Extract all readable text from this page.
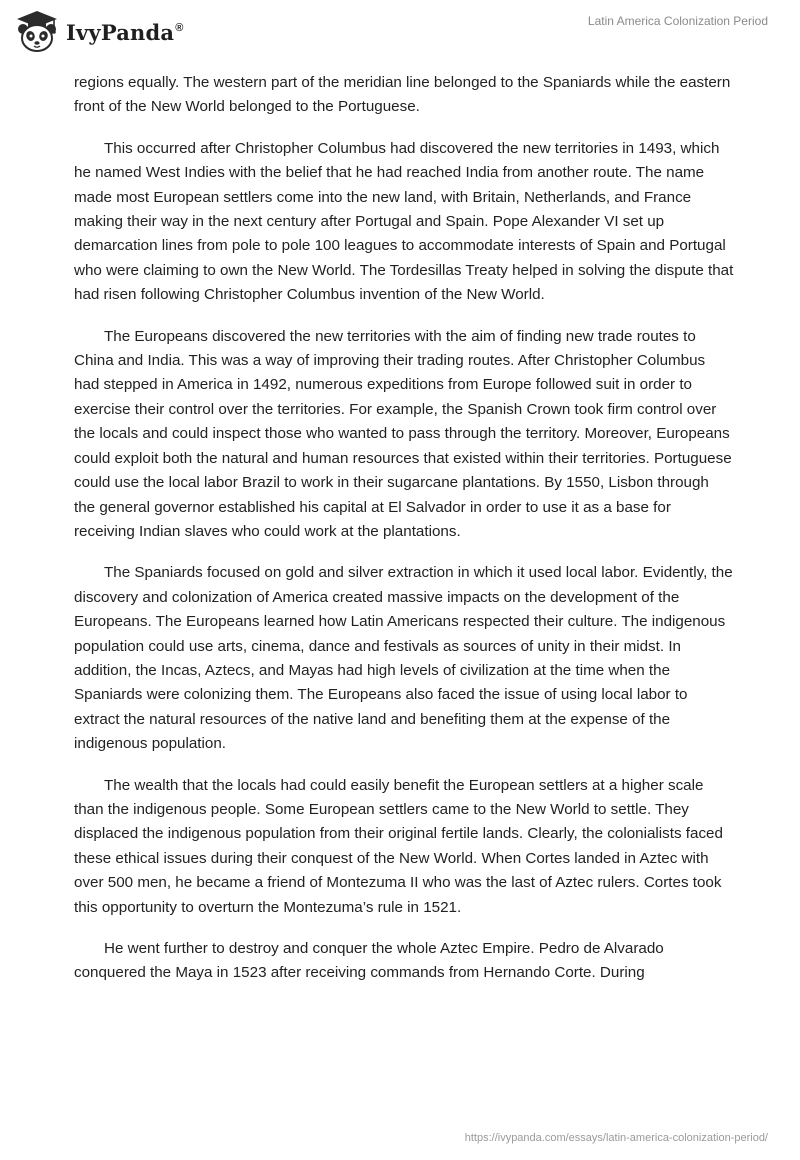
IvyPanda®	Latin America Colonization Period

regions equally. The western part of the meridian line belonged to the Spaniards while the eastern front of the New World belonged to the Portuguese.

This occurred after Christopher Columbus had discovered the new territories in 1493, which he named West Indies with the belief that he had reached India from another route. The name made most European settlers come into the new land, with Britain, Netherlands, and France making their way in the next century after Portugal and Spain. Pope Alexander VI set up demarcation lines from pole to pole 100 leagues to accommodate interests of Spain and Portugal who were claiming to own the New World. The Tordesillas Treaty helped in solving the dispute that had risen following Christopher Columbus invention of the New World.

The Europeans discovered the new territories with the aim of finding new trade routes to China and India. This was a way of improving their trading routes. After Christopher Columbus had stepped in America in 1492, numerous expeditions from Europe followed suit in order to exercise their control over the territories. For example, the Spanish Crown took firm control over the locals and could inspect those who wanted to pass through the territory. Moreover, Europeans could exploit both the natural and human resources that existed within their territories. Portuguese could use the local labor Brazil to work in their sugarcane plantations. By 1550, Lisbon through the general governor established his capital at El Salvador in order to use it as a base for receiving Indian slaves who could work at the plantations.

The Spaniards focused on gold and silver extraction in which it used local labor. Evidently, the discovery and colonization of America created massive impacts on the development of the Europeans. The Europeans learned how Latin Americans respected their culture. The indigenous population could use arts, cinema, dance and festivals as sources of unity in their midst. In addition, the Incas, Aztecs, and Mayas had high levels of civilization at the time when the Spaniards were colonizing them. The Europeans also faced the issue of using local labor to extract the natural resources of the native land and benefiting them at the expense of the indigenous population.

The wealth that the locals had could easily benefit the European settlers at a higher scale than the indigenous people. Some European settlers came to the New World to settle. They displaced the indigenous population from their original fertile lands. Clearly, the colonialists faced these ethical issues during their conquest of the New World. When Cortes landed in Aztec with over 500 men, he became a friend of Montezuma II who was the last of Aztec rulers. Cortes took this opportunity to overturn the Montezuma’s rule in 1521.

He went further to destroy and conquer the whole Aztec Empire. Pedro de Alvarado conquered the Maya in 1523 after receiving commands from Hernando Corte. During

https://ivypanda.com/essays/latin-america-colonization-period/
